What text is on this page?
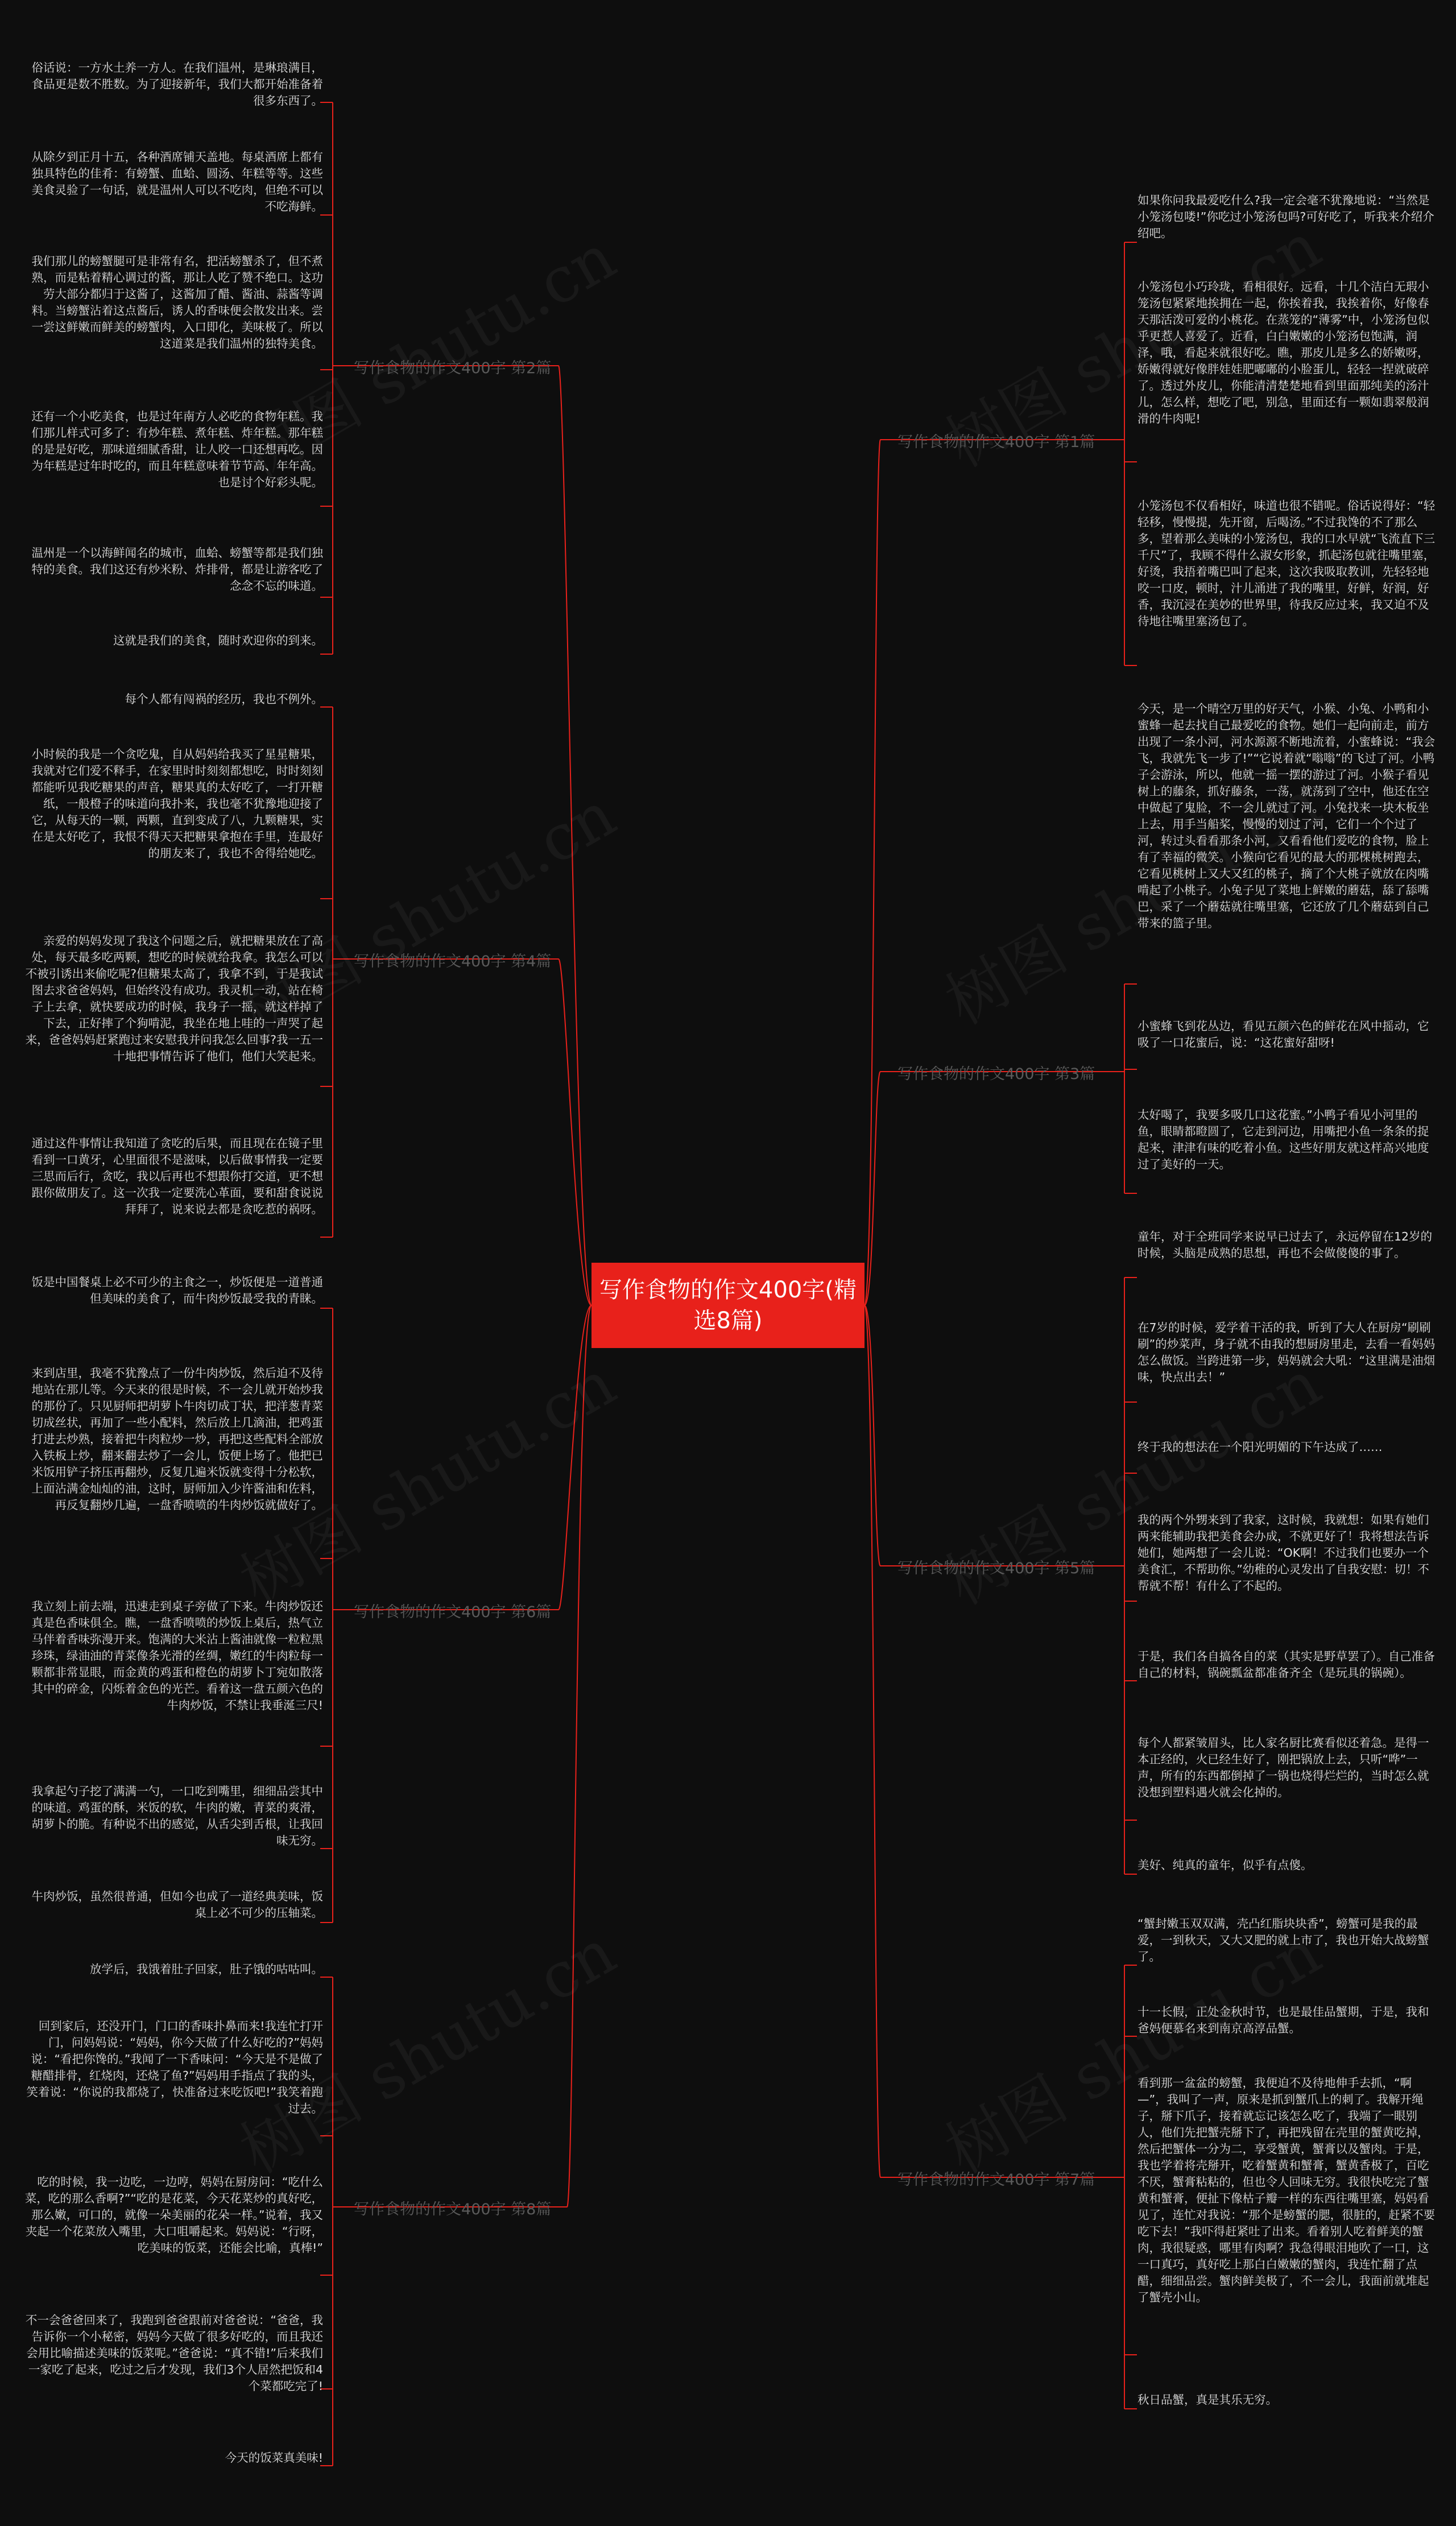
写作食物的作文400字(精选8篇)
写作食物的作文400字 第2篇
俗话说：一方水土养一方人。在我们温州，是琳琅满目，食品更是数不胜数。为了迎接新年，我们大都开始准备着很多东西了。
从除夕到正月十五，各种酒席铺天盖地。每桌酒席上都有独具特色的佳肴：有螃蟹、血蛤、圆汤、年糕等等。这些美食灵验了一句话，就是温州人可以不吃肉，但绝不可以不吃海鲜。
我们那儿的螃蟹腿可是非常有名，把活螃蟹杀了，但不煮熟，而是粘着精心调过的酱，那让人吃了赞不绝口。这功劳大部分都归于这酱了，这酱加了醋、酱油、蒜酱等调料。当螃蟹沾着这点酱后，诱人的香味便会散发出来。尝一尝这鲜嫩而鲜美的螃蟹肉，入口即化，美味极了。所以这道菜是我们温州的独特美食。
还有一个小吃美食，也是过年南方人必吃的食物年糕。我们那儿样式可多了：有炒年糕、煮年糕、炸年糕。那年糕的是是好吃，那味道细腻香甜，让人咬一口还想再吃。因为年糕是过年时吃的，而且年糕意味着节节高、年年高。也是讨个好彩头呢。
温州是一个以海鲜闻名的城市，血蛤、螃蟹等都是我们独特的美食。我们这还有炒米粉、炸排骨，都是让游客吃了念念不忘的味道。
这就是我们的美食，随时欢迎你的到来。
写作食物的作文400字 第4篇
每个人都有闯祸的经历，我也不例外。
小时候的我是一个贪吃鬼，自从妈妈给我买了星星糖果，我就对它们爱不释手，在家里时时刻刻都想吃，时时刻刻都能听见我吃糖果的声音，糖果真的太好吃了，一打开糖纸，一般橙子的味道向我扑来，我也毫不犹豫地迎接了它，从每天的一颗，两颗，直到变成了八，九颗糖果，实在是太好吃了，我恨不得天天把糖果拿抱在手里，连最好的朋友来了，我也不舍得给她吃。
亲爱的妈妈发现了我这个问题之后，就把糖果放在了高处，每天最多吃两颗，想吃的时候就给我拿。我怎么可以不被引诱出来偷吃呢?但糖果太高了，我拿不到，于是我试图去求爸爸妈妈，但始终没有成功。我灵机一动，站在椅子上去拿，就快要成功的时候，我身子一摇，就这样掉了下去，正好摔了个狗啃泥，我坐在地上哇的一声哭了起来，爸爸妈妈赶紧跑过来安慰我并问我怎么回事?我一五一十地把事情告诉了他们，他们大笑起来。
通过这件事情让我知道了贪吃的后果，而且现在在镜子里看到一口黄牙，心里面很不是滋味，以后做事情我一定要三思而后行，贪吃，我以后再也不想跟你打交道，更不想跟你做朋友了。这一次我一定要洗心革面，要和甜食说说拜拜了，说来说去都是贪吃惹的祸呀。
写作食物的作文400字 第6篇
饭是中国餐桌上必不可少的主食之一，炒饭便是一道普通但美味的美食了，而牛肉炒饭最受我的青睐。
来到店里，我毫不犹豫点了一份牛肉炒饭，然后迫不及待地站在那儿等。今天来的很是时候，不一会儿就开始炒我的那份了。只见厨师把胡萝卜牛肉切成丁状，把洋葱青菜切成丝状，再加了一些小配料，然后放上几滴油，把鸡蛋打进去炒熟，接着把牛肉粒炒一炒，再把这些配料全部放入铁板上炒，翻来翻去炒了一会儿，饭便上场了。他把已米饭用铲子挤压再翻炒，反复几遍米饭就变得十分松软，上面沾满金灿灿的油，这时，厨师加入少许酱油和佐料，再反复翻炒几遍，一盘香喷喷的牛肉炒饭就做好了。
我立刻上前去端，迅速走到桌子旁做了下来。牛肉炒饭还真是色香味俱全。瞧，一盘香喷喷的炒饭上桌后，热气立马伴着香味弥漫开来。饱满的大米沾上酱油就像一粒粒黑珍珠，绿油油的青菜像条光滑的丝绸，嫩红的牛肉粒每一颗都非常显眼，而金黄的鸡蛋和橙色的胡萝卜丁宛如散落其中的碎金，闪烁着金色的光芒。看着这一盘五颜六色的牛肉炒饭，不禁让我垂涎三尺!
我拿起勺子挖了满满一勺，一口吃到嘴里，细细品尝其中的味道。鸡蛋的酥，米饭的软，牛肉的嫩，青菜的爽滑，胡萝卜的脆。有种说不出的感觉，从舌尖到舌根，让我回味无穷。
牛肉炒饭，虽然很普通，但如今也成了一道经典美味，饭桌上必不可少的压轴菜。
写作食物的作文400字 第8篇
放学后，我饿着肚子回家，肚子饿的咕咕叫。
回到家后，还没开门，门口的香味扑鼻而来!我连忙打开门，问妈妈说：“妈妈，你今天做了什么好吃的?”妈妈说：“看把你馋的。”我闻了一下香味问：“今天是不是做了糖醋排骨，红烧肉，还烧了鱼?”妈妈用手指点了我的头，笑着说：“你说的我都烧了，快准备过来吃饭吧!”我笑着跑过去。
吃的时候，我一边吃，一边哼，妈妈在厨房问：“吃什么菜，吃的那么香啊?”“吃的是花菜，今天花菜炒的真好吃，那么嫩，可口的，就像一朵美丽的花朵一样。”说着，我又夹起一个花菜放入嘴里，大口咀嚼起来。妈妈说：“行呀，吃美味的饭菜，还能会比喻，真棒!”
不一会爸爸回来了，我跑到爸爸跟前对爸爸说：“爸爸，我告诉你一个小秘密，妈妈今天做了很多好吃的，而且我还会用比喻描述美味的饭菜呢。”爸爸说：“真不错!”后来我们一家吃了起来，吃过之后才发现，我们3个人居然把饭和4个菜都吃完了!
今天的饭菜真美味!
写作食物的作文400字 第1篇
如果你问我最爱吃什么?我一定会毫不犹豫地说：“当然是小笼汤包喽!”你吃过小笼汤包吗?可好吃了，听我来介绍介绍吧。
小笼汤包小巧玲珑，看相很好。远看，十几个洁白无瑕小笼汤包紧紧地挨拥在一起，你挨着我，我挨着你，好像春天那活泼可爱的小桃花。在蒸笼的“薄雾”中，小笼汤包似乎更惹人喜爱了。近看，白白嫩嫩的小笼汤包饱满，润泽，哦，看起来就很好吃。瞧，那皮儿是多么的娇嫩呀，娇嫩得就好像胖娃娃肥嘟嘟的小脸蛋儿，轻轻一捏就破碎了。透过外皮儿，你能清清楚楚地看到里面那纯美的汤汁儿，怎么样，想吃了吧，别急，里面还有一颗如翡翠般润滑的牛肉呢!
小笼汤包不仅看相好，味道也很不错呢。俗话说得好：“轻轻移，慢慢提，先开窗，后喝汤。”不过我馋的不了那么多，望着那么美味的小笼汤包，我的口水早就“飞流直下三千尺”了，我顾不得什么淑女形象，抓起汤包就往嘴里塞，好烫，我捂着嘴巴叫了起来，这次我吸取教训，先轻轻地咬一口皮，顿时，汁儿涌进了我的嘴里，好鲜，好润，好香，我沉浸在美妙的世界里，待我反应过来，我又迫不及待地往嘴里塞汤包了。
写作食物的作文400字 第3篇
今天，是一个晴空万里的好天气，小猴、小兔、小鸭和小蜜蜂一起去找自己最爱吃的食物。她们一起向前走，前方出现了一条小河，河水源源不断地流着，小蜜蜂说：“我会飞，我就先飞一步了!”“它说着就“嗡嗡”的飞过了河。小鸭子会游泳，所以，他就一摇一摆的游过了河。小猴子看见树上的藤条，抓好藤条，一荡，就荡到了空中，他还在空中做起了鬼脸，不一会儿就过了河。小兔找来一块木板坐上去，用手当船桨，慢慢的划过了河，它们一个个过了河，转过头看看那条小河，又看看他们爱吃的食物，脸上有了幸福的微笑。小猴向它看见的最大的那棵桃树跑去，它看见桃树上又大又红的桃子，摘了个大桃子就放在肉嘴啃起了小桃子。小兔子见了菜地上鲜嫩的蘑菇，舔了舔嘴巴，采了一个蘑菇就往嘴里塞，它还放了几个蘑菇到自己带来的篮子里。
小蜜蜂飞到花丛边，看见五颜六色的鲜花在风中摇动，它吸了一口花蜜后，说：“这花蜜好甜呀!
太好喝了，我要多吸几口这花蜜。”小鸭子看见小河里的鱼，眼睛都瞪圆了，它走到河边，用嘴把小鱼一条条的捉起来，津津有味的吃着小鱼。这些好朋友就这样高兴地度过了美好的一天。
写作食物的作文400字 第5篇
童年，对于全班同学来说早已过去了，永远停留在12岁的时候，头脑是成熟的思想，再也不会做傻傻的事了。
在7岁的时候，爱学着干活的我，听到了大人在厨房“刷刷刷”的炒菜声，身子就不由我的想厨房里走，去看一看妈妈怎么做饭。当跨进第一步，妈妈就会大吼：“这里满是油烟味，快点出去！”
终于我的想法在一个阳光明媚的下午达成了……
我的两个外甥来到了我家，这时候，我就想：如果有她们两来能辅助我把美食会办成，不就更好了！我将想法告诉她们，她两想了一会儿说：“OK啊！不过我们也要办一个美食汇，不帮助你。”幼稚的心灵发出了自我安慰：切！不帮就不帮！有什么了不起的。
于是，我们各自搞各自的菜（其实是野草罢了）。自己准备自己的材料，锅碗瓢盆都准备齐全（是玩具的锅碗）。
每个人都紧皱眉头，比人家名厨比赛看似还着急。是得一本正经的，火已经生好了，刚把锅放上去，只听“哗”一声，所有的东西都倒掉了一锅也烧得烂烂的，当时怎么就没想到塑料遇火就会化掉的。
美好、纯真的童年，似乎有点傻。
写作食物的作文400字 第7篇
“蟹封嫩玉双双满，壳凸红脂块块香”，螃蟹可是我的最爱，一到秋天，又大又肥的就上市了，我也开始大战螃蟹了。
十一长假，正处金秋时节，也是最佳品蟹期，于是，我和爸妈便慕名来到南京高淳品蟹。
看到那一盆盆的螃蟹，我便迫不及待地伸手去抓，“啊—”，我叫了一声，原来是抓到蟹爪上的刺了。我解开绳子，掰下爪子，接着就忘记该怎么吃了，我端了一眼别人，他们先把蟹壳掰下了，再把残留在壳里的蟹黄吃掉，然后把蟹体一分为二，享受蟹黄，蟹膏以及蟹肉。于是，我也学着将壳掰开，吃着蟹黄和蟹膏，蟹黄香极了，百吃不厌，蟹膏粘粘的，但也令人回味无穷。我很快吃完了蟹黄和蟹膏，便扯下像枯子瓣一样的东西往嘴里塞，妈妈看见了，连忙对我说：“那个是螃蟹的腮，很脏的，赶紧不要吃下去！”我吓得赶紧吐了出来。看着别人吃着鲜美的蟹肉，我很疑惑，哪里有肉啊？我急得眼泪地吹了一口，这一口真巧，真好吃上那白白嫩嫩的蟹肉，我连忙翻了点醋，细细品尝。蟹肉鲜美极了，不一会儿，我面前就堆起了蟹壳小山。
秋日品蟹，真是其乐无穷。
